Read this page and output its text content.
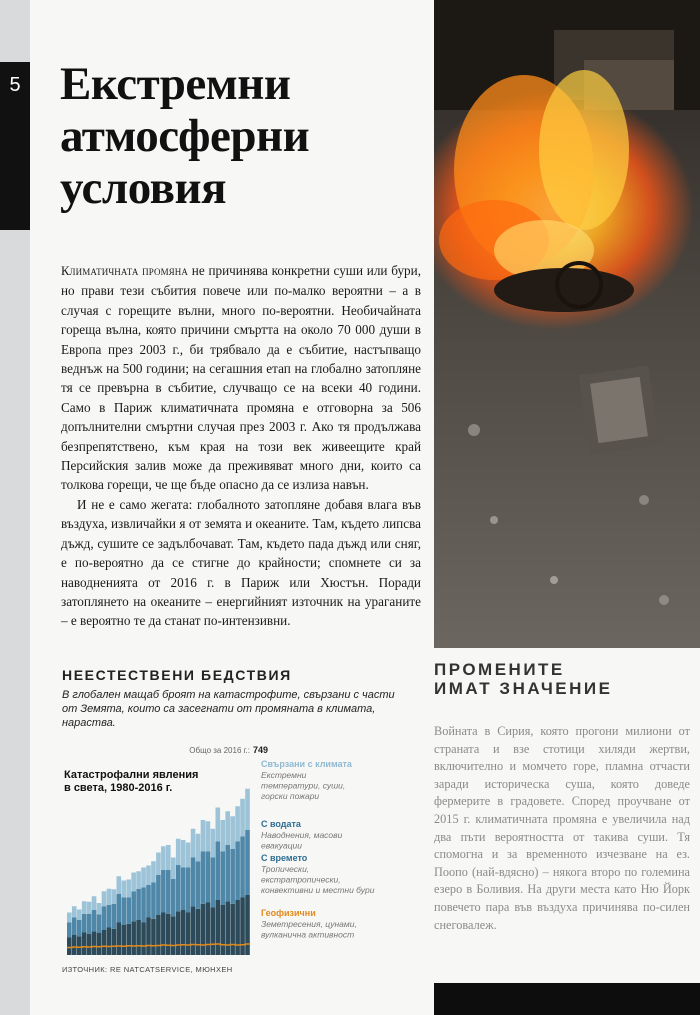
5 Екстремни
атмосферни
условия

Климатичната промяна не причинява конкретни суши или бури, но прави тези събития повече или по-малко вероятни – а в случая с горещите вълни, много по-вероятни. Необичайната гореща вълна, която причини смъртта на около 70 000 души в Европа през 2003 г., би трябвало да е събитие, настъпващо веднъж на 500 години; на сегашния етап на глобално затопляне тя се превърна в събитие, случващо се на всеки 40 години. Само в Париж климатичната промяна е отговорна за 506 допълнителни смъртни случая през 2003 г. Ако тя продължава безпрепятствено, към края на този век живеещите край Персийския залив може да преживяват много дни, които са толкова горещи, че ще бъде опасно да се излиза навън.

И не е само жегата: глобалното затопляне добавя влага във въздуха, извличайки я от земята и океаните. Там, където липсва дъжд, сушите се задълбочават. Там, където пада дъжд или сняг, е по-вероятно да се стигне до крайности; спомнете си за наводненията от 2016 г. в Париж или Хюстън. Поради затоплянето на океаните – енергийният източник на ураганите – е вероятно те да станат по-интензивни.

ПРОМЕНИТЕ
ИМАТ ЗНАЧЕНИЕ

Войната в Сирия, която прогони милиони от страната и взе стотици хиляди жертви, включително и момчето горе, пламна отчасти заради историческа суша, която доведе фермерите в градовете. Според проучване от 2015 г. климатичната промяна е увеличила над два пъти вероятността от такива суши. Тя спомогна и за временното изчезване на ез. Поопо (най-вдясно) – някога второ по големина езеро в Боливия. На други места като Ню Йорк повечето пара във въздуха причинява по-силен снеговалеж.

НЕЕСТЕСТВЕНИ БЕДСТВИЯ

В глобален мащаб броят на катастрофите, свързани с части от Земята, които са засегнати от промяната в климата, нараства.

Общо за 2016 г.: 749
Катастрофални явления в света, 1980-2016 г.
Свързани с климата
Екстремни температури, суши, горски пожари
С водата
Наводнения, масови евакуации
С времето
Тропически, екстратропически, конвективни и местни бури
Геофизични
Земетресения, цунами, вулканична активност
ИЗТОЧНИК: RE NATCATSERVICE, МЮНХЕН
